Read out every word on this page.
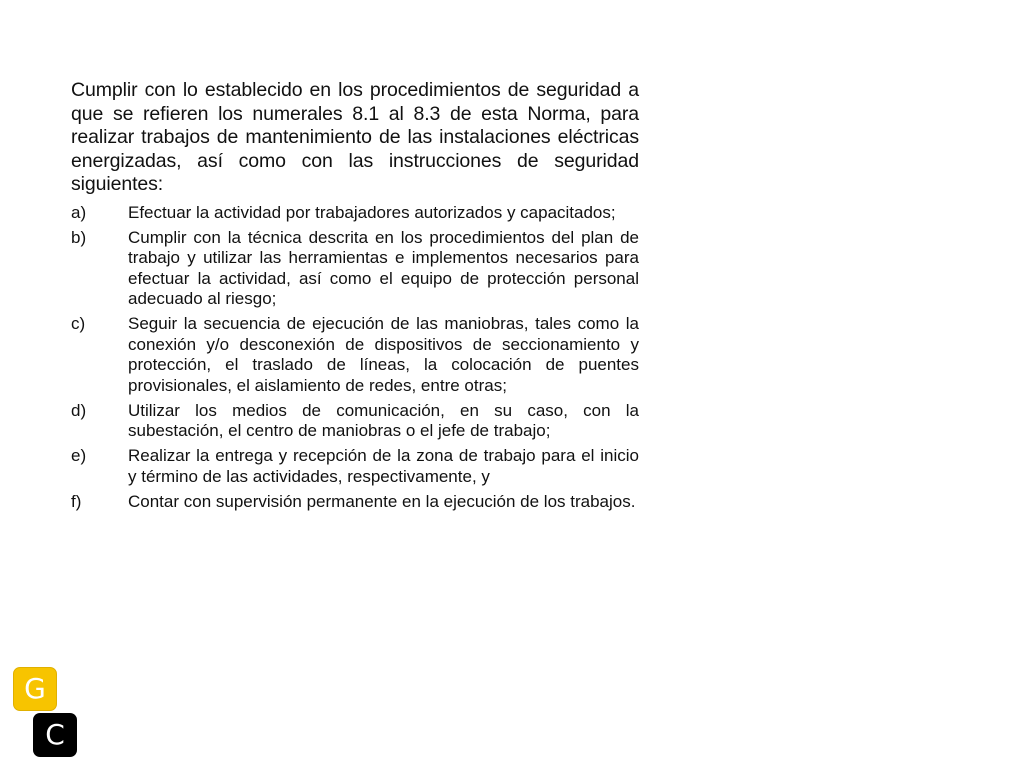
Cumplir con lo establecido en los procedimientos de seguridad a que se refieren los numerales 8.1 al 8.3 de esta Norma, para realizar trabajos de mantenimiento de las instalaciones eléctricas energizadas, así como con las instrucciones de seguridad siguientes:

a)	Efectuar la actividad por trabajadores autorizados y capacitados;
b)	Cumplir con la técnica descrita en los procedimientos del plan de trabajo y utilizar las herramientas e implementos necesarios para efectuar la actividad, así como el equipo de protección personal adecuado al riesgo;
c)	Seguir la secuencia de ejecución de las maniobras, tales como la conexión y/o desconexión de dispositivos de seccionamiento y protección, el traslado de líneas, la colocación de puentes provisionales, el aislamiento de redes, entre otras;
d)	Utilizar los medios de comunicación, en su caso, con la subestación, el centro de maniobras o el jefe de trabajo;
e)	Realizar la entrega y recepción de la zona de trabajo para el inicio y término de las actividades, respectivamente, y
f)	Contar con supervisión permanente en la ejecución de los trabajos.
G
C
